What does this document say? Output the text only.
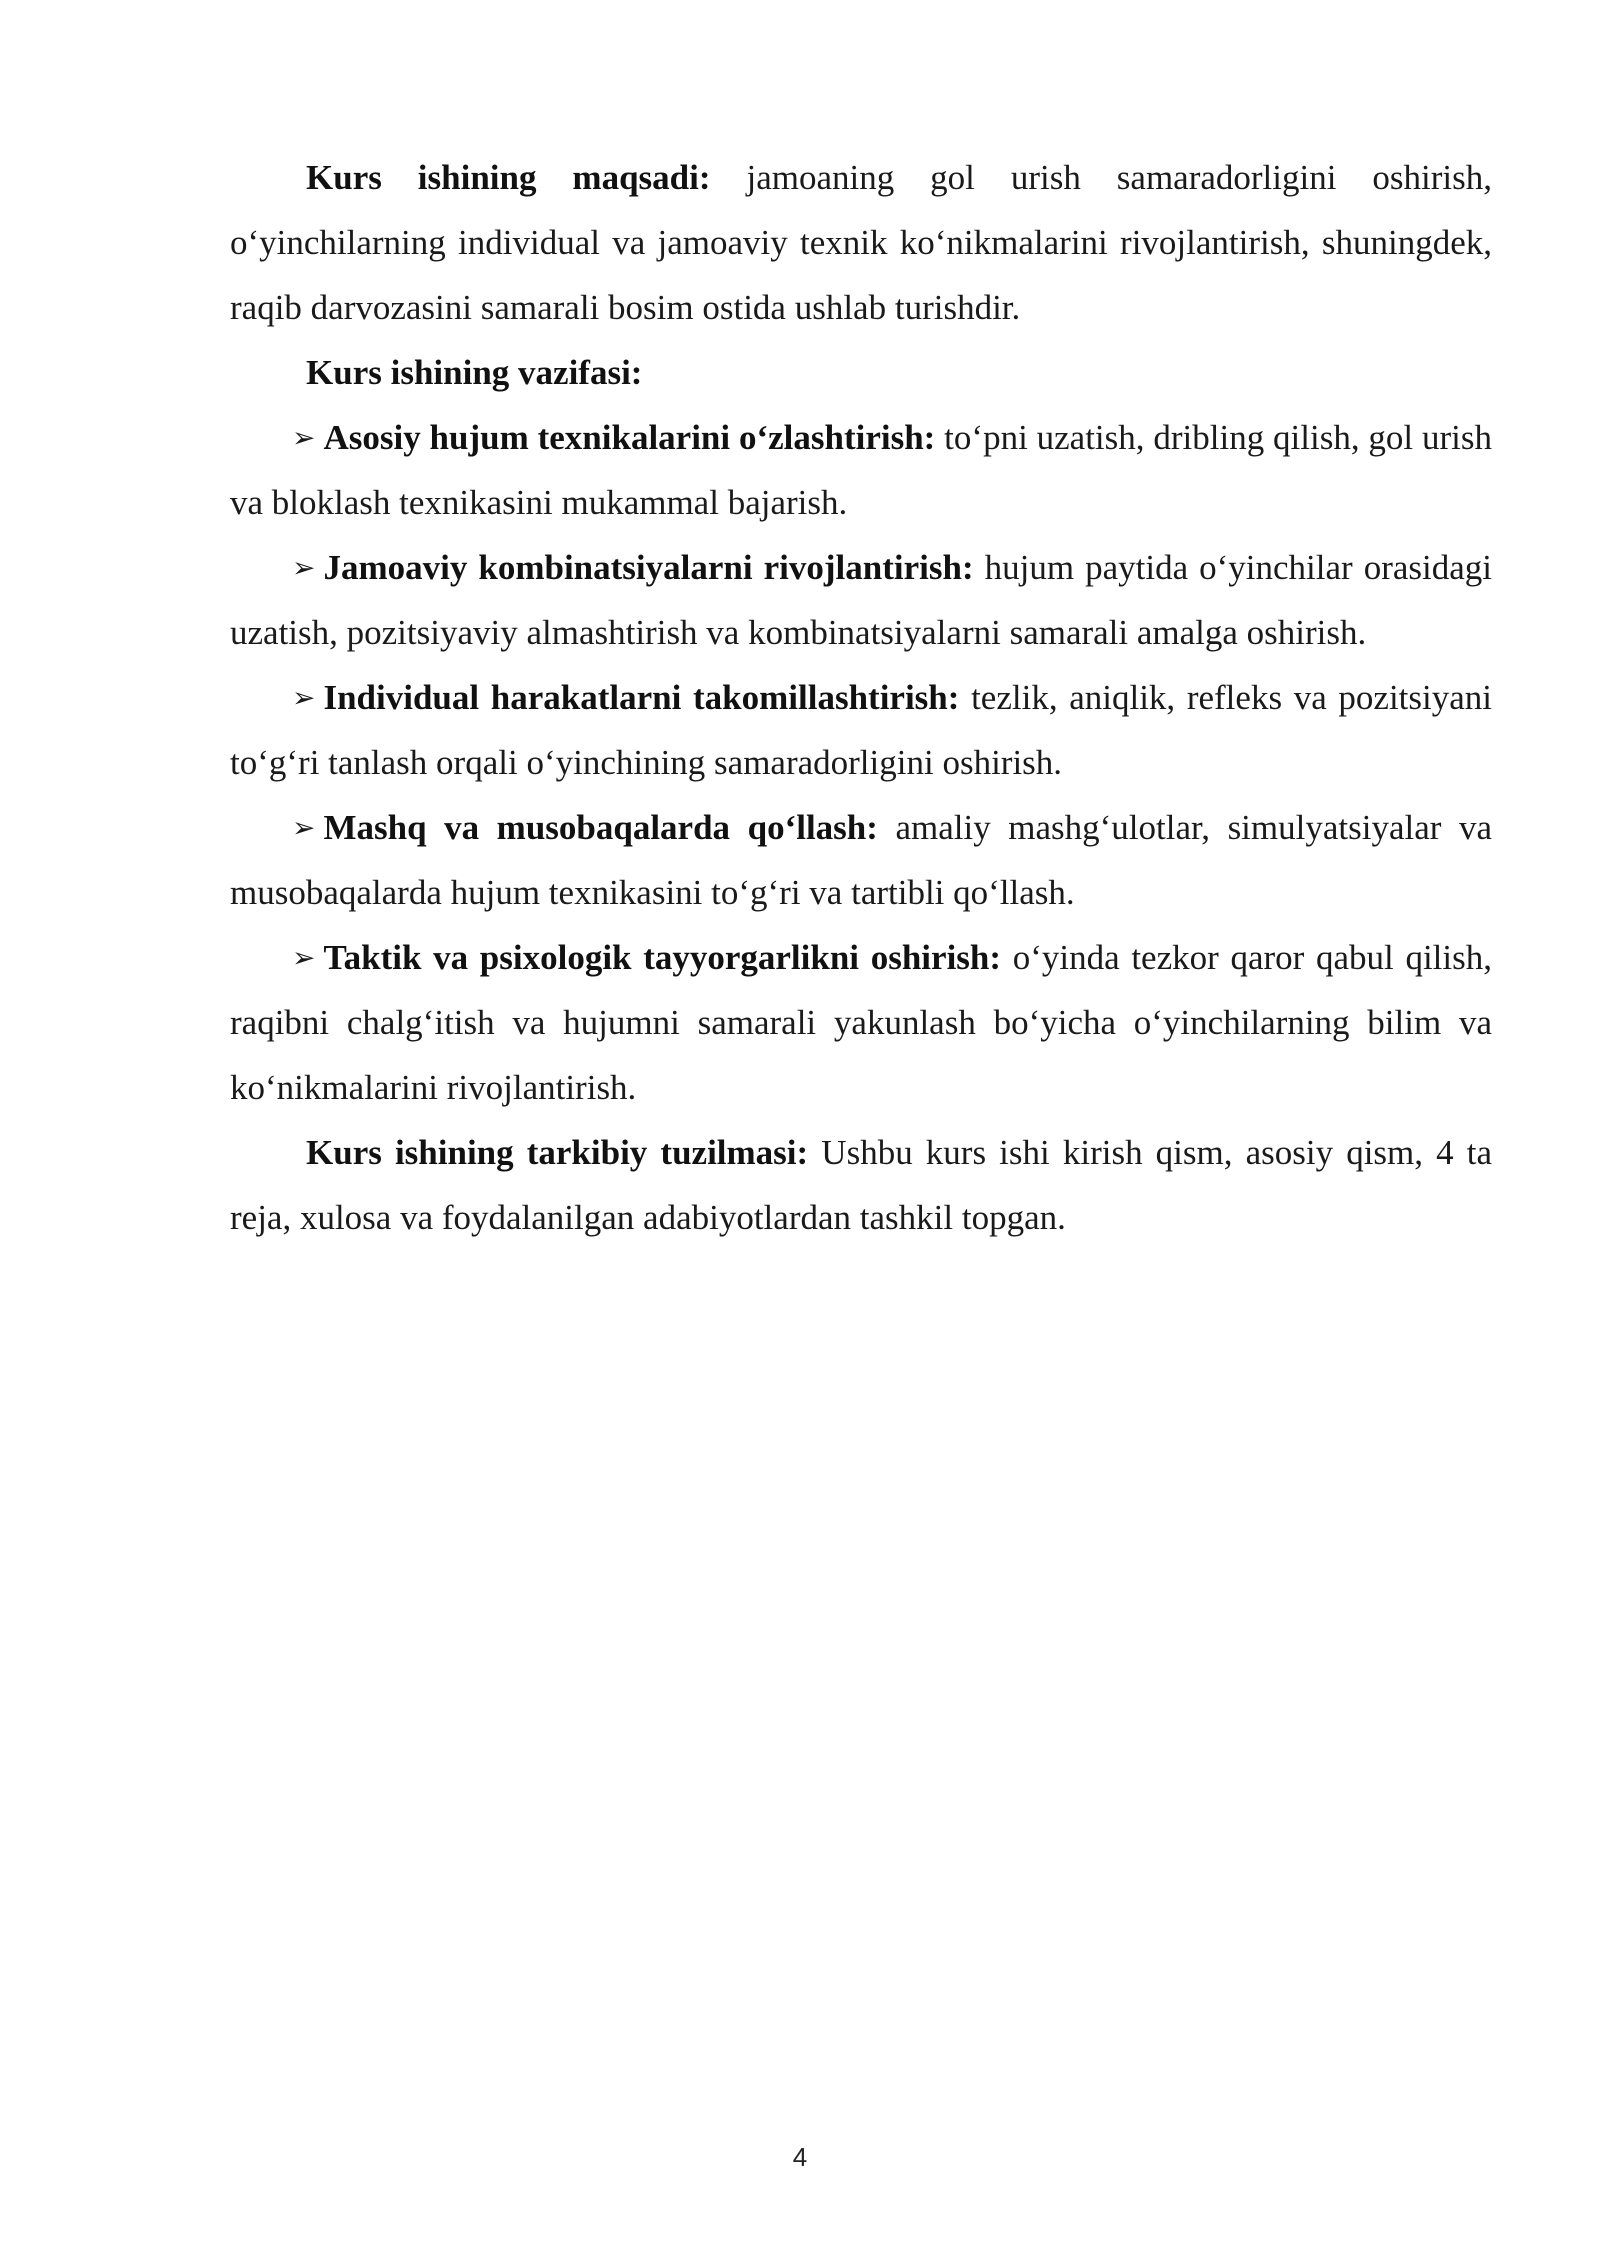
Kurs ishining maqsadi: jamoaning gol urish samaradorligini oshirish, o‘yinchilarning individual va jamoaviy texnik ko‘nikmalarini rivojlantirish, shuningdek, raqib darvozasini samarali bosim ostida ushlab turishdir.

Kurs ishining vazifasi:

➢ Asosiy hujum texnikalarini o‘zlashtirish: to‘pni uzatish, dribling qilish, gol urish va bloklash texnikasini mukammal bajarish.

➢ Jamoaviy kombinatsiyalarni rivojlantirish: hujum paytida o‘yinchilar orasidagi uzatish, pozitsiyaviy almashtirish va kombinatsiyalarni samarali amalga oshirish.

➢ Individual harakatlarni takomillashtirish: tezlik, aniqlik, refleks va pozitsiyani to‘g‘ri tanlash orqali o‘yinchining samaradorligini oshirish.

➢ Mashq va musobaqalarda qo‘llash: amaliy mashg‘ulotlar, simulyatsiyalar va musobaqalarda hujum texnikasini to‘g‘ri va tartibli qo‘llash.

➢ Taktik va psixologik tayyorgarlikni oshirish: o‘yinda tezkor qaror qabul qilish, raqibni chalg‘itish va hujumni samarali yakunlash bo‘yicha o‘yinchilarning bilim va ko‘nikmalarini rivojlantirish.

Kurs ishining tarkibiy tuzilmasi: Ushbu kurs ishi kirish qism, asosiy qism, 4 ta reja, xulosa va foydalanilgan adabiyotlardan tashkil topgan.

4
